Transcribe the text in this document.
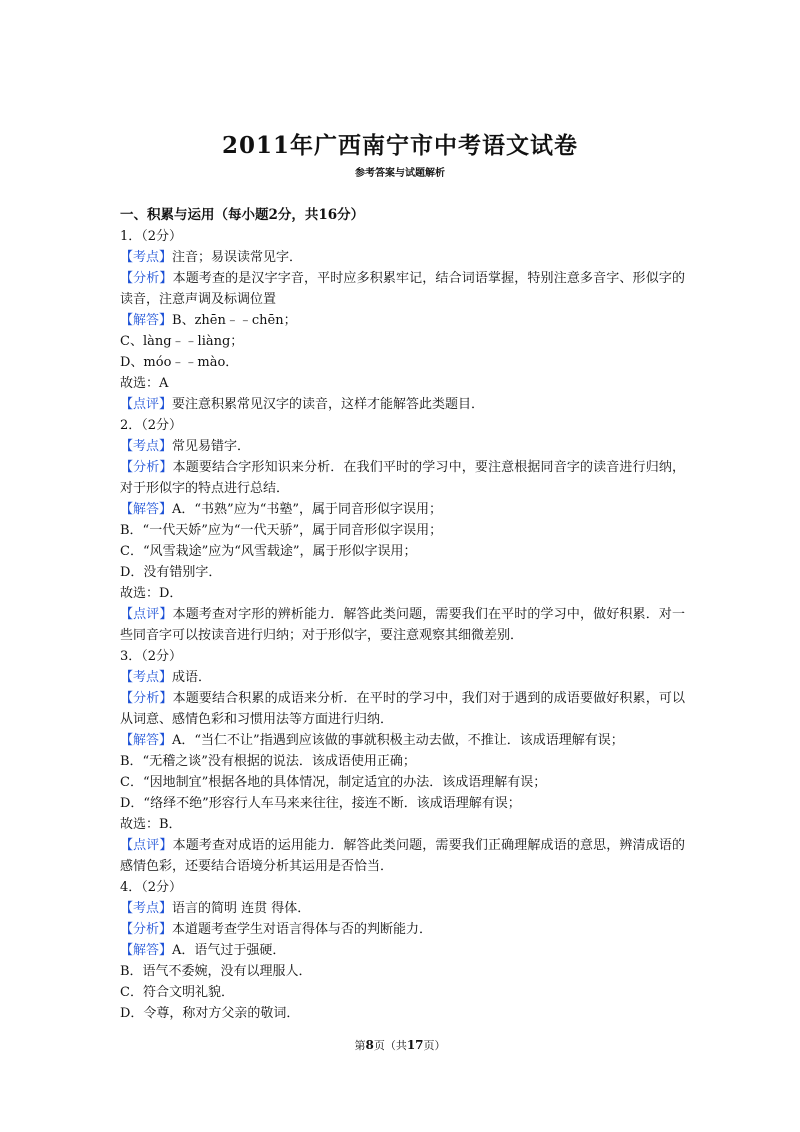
2011年广西南宁市中考语文试卷
参考答案与试题解析
一、积累与运用（每小题2分，共16分）
1．（2分）
【考点】注音；易误读常见字．
【分析】本题考查的是汉字字音，平时应多积累牢记，结合词语掌握，特别注意多音字、形似字的读音，注意声调及标调位置
【解答】B、zhēn﹣﹣chēn；
C、làng﹣﹣liàng；
D、móo﹣﹣mào．
故选：A
【点评】要注意积累常见汉字的读音，这样才能解答此类题目．
2．（2分）
【考点】常见易错字．
【分析】本题要结合字形知识来分析．在我们平时的学习中，要注意根据同音字的读音进行归纳，对于形似字的特点进行总结．
【解答】A．“书熟”应为“书塾”，属于同音形似字误用；
B．“一代天娇”应为“一代天骄”，属于同音形似字误用；
C．“风雪栽途”应为“风雪载途”，属于形似字误用；
D．没有错别字．
故选：D．
【点评】本题考查对字形的辨析能力．解答此类问题，需要我们在平时的学习中，做好积累．对一些同音字可以按读音进行归纳；对于形似字，要注意观察其细微差别．
3．（2分）
【考点】成语．
【分析】本题要结合积累的成语来分析．在平时的学习中，我们对于遇到的成语要做好积累，可以从词意、感情色彩和习惯用法等方面进行归纳．
【解答】A．“当仁不让”指遇到应该做的事就积极主动去做，不推让．该成语理解有误；
B．“无稽之谈”没有根据的说法．该成语使用正确；
C．“因地制宜”根据各地的具体情况，制定适宜的办法．该成语理解有误；
D．“络绎不绝”形容行人车马来来往往，接连不断．该成语理解有误；
故选：B．
【点评】本题考查对成语的运用能力．解答此类问题，需要我们正确理解成语的意思，辨清成语的感情色彩，还要结合语境分析其运用是否恰当．
4．（2分）
【考点】语言的简明 连贯 得体．
【分析】本道题考查学生对语言得体与否的判断能力．
【解答】A．语气过于强硬．
B．语气不委婉，没有以理服人．
C．符合文明礼貌．
D．令尊，称对方父亲的敬词．
第8页（共17页）
